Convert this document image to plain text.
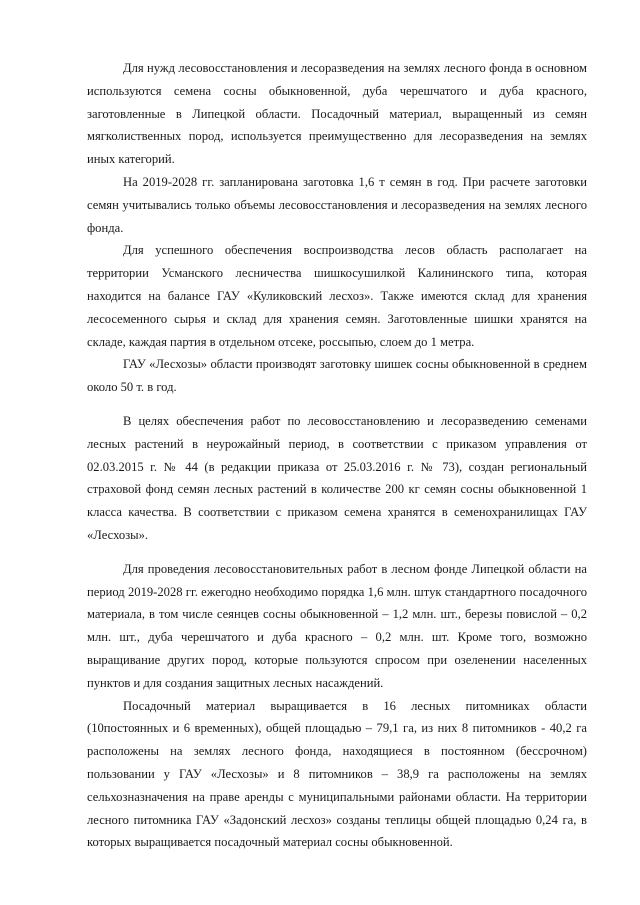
Для нужд лесовосстановления и лесоразведения на землях лесного фонда в основном используются семена сосны обыкновенной, дуба черешчатого и дуба красного, заготовленные в Липецкой области. Посадочный материал, выращенный из семян мягколиственных пород, используется преимущественно для лесоразведения на землях иных категорий.

На 2019-2028 гг. запланирована заготовка 1,6 т семян в год. При расчете заготовки семян учитывались только объемы лесовосстановления и лесоразведения на землях лесного фонда.

Для успешного обеспечения воспроизводства лесов область располагает на территории Усманского лесничества шишкосушилкой Калининского типа, которая находится на балансе ГАУ «Куликовский лесхоз». Также имеются склад для хранения лесосеменного сырья и склад для хранения семян. Заготовленные шишки хранятся на складе, каждая партия в отдельном отсеке, россыпью, слоем до 1 метра.

ГАУ «Лесхозы» области производят заготовку шишек сосны обыкновенной в среднем около 50 т. в год.

В целях обеспечения работ по лесовосстановлению и лесоразведению семенами лесных растений в неурожайный период, в соответствии с приказом управления от 02.03.2015 г. № 44 (в редакции приказа от 25.03.2016 г. № 73), создан региональный страховой фонд семян лесных растений в количестве 200 кг семян сосны обыкновенной 1 класса качества. В соответствии с приказом семена хранятся в семенохранилищах ГАУ «Лесхозы».

Для проведения лесовосстановительных работ в лесном фонде Липецкой области на период 2019-2028 гг. ежегодно необходимо порядка 1,6 млн. штук стандартного посадочного материала, в том числе сеянцев сосны обыкновенной – 1,2 млн. шт., березы повислой – 0,2 млн. шт., дуба черешчатого и дуба красного – 0,2 млн. шт. Кроме того, возможно выращивание других пород, которые пользуются спросом при озеленении населенных пунктов и для создания защитных лесных насаждений.

Посадочный материал выращивается в 16 лесных питомниках области (10постоянных и 6 временных), общей площадью – 79,1 га, из них 8 питомников - 40,2 га расположены на землях лесного фонда, находящиеся в постоянном (бессрочном) пользовании у ГАУ «Лесхозы» и 8 питомников – 38,9 га расположены на землях сельхозназначения на праве аренды с муниципальными районами области. На территории лесного питомника ГАУ «Задонский лесхоз» созданы теплицы общей площадью 0,24 га, в которых выращивается посадочный материал сосны обыкновенной.
